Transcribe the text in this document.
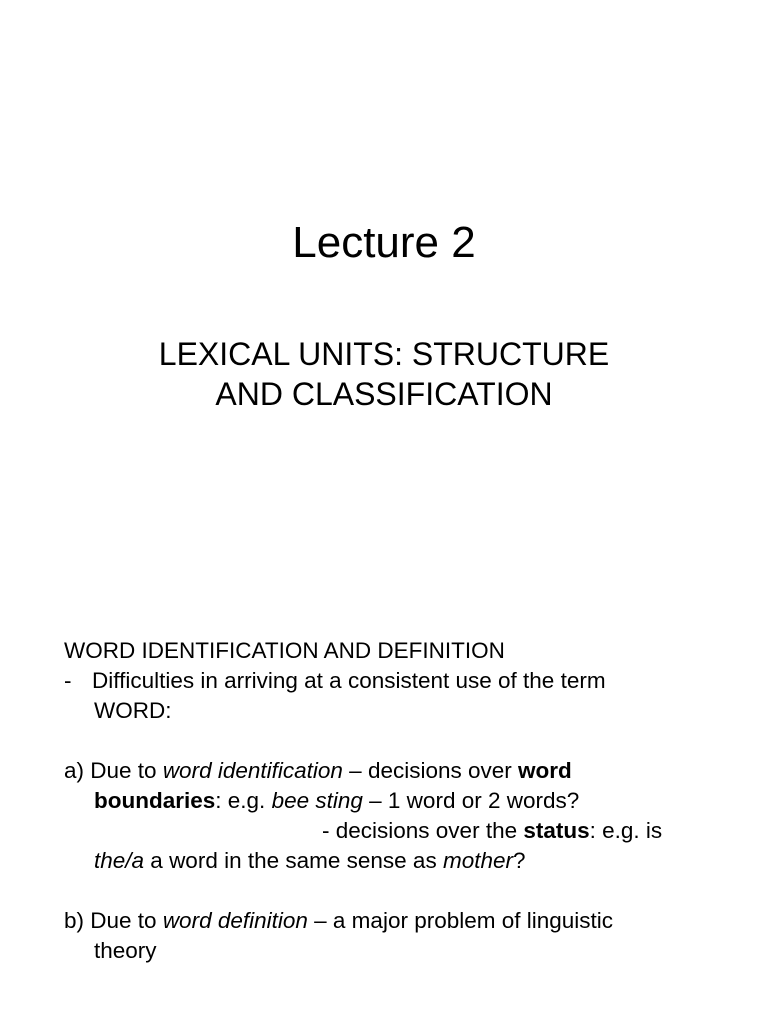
Lecture 2
LEXICAL UNITS: STRUCTURE
AND CLASSIFICATION
WORD IDENTIFICATION AND DEFINITION
- Difficulties in arriving at a consistent use of the term
WORD:
a) Due to word identification – decisions over word
boundaries: e.g. bee sting – 1 word or 2 words?
- decisions over the status: e.g. is
the/a a word in the same sense as mother?
b) Due to word definition – a major problem of linguistic
theory
